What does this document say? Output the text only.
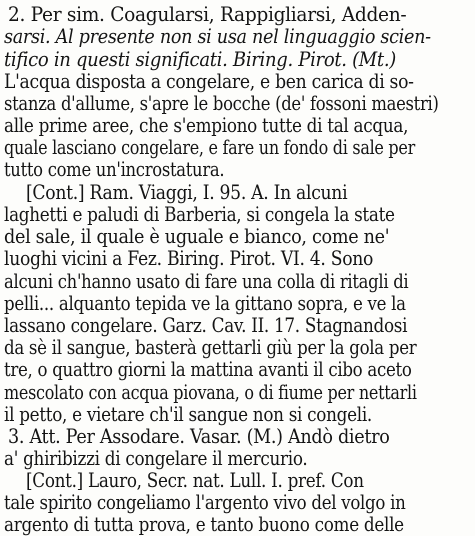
2. Per sim. Coagularsi, Rappigliarsi, Adden-
sarsi. Al presente non si usa nel linguaggio scien-
tifico in questi significati. Biring. Pirot. (Mt.)
L'acqua disposta a congelare, e ben carica di so-
stanza d'allume, s'apre le bocche (de' fossoni maestri)
alle prime aree, che s'empiono tutte di tal acqua,
quale lasciano congelare, e fare un fondo di sale per
tutto come un'incrostatura.
[Cont.] Ram. Viaggi, I. 95. A. In alcuni
laghetti e paludi di Barberia, si congela la state
del sale, il quale è uguale e bianco, come ne'
luoghi vicini a Fez. Biring. Pirot. VI. 4. Sono
alcuni ch'hanno usato di fare una colla di ritagli di
pelli... alquanto tepida ve la gittano sopra, e ve la
lassano congelare. Garz. Cav. II. 17. Stagnandosi
da sè il sangue, basterà gettarli giù per la gola per
tre, o quattro giorni la mattina avanti il cibo aceto
mescolato con acqua piovana, o di fiume per nettarli
il petto, e vietare ch'il sangue non si congeli.
3. Att. Per Assodare. Vasar. (M.) Andò dietro
a' ghiribizzi di congelare il mercurio.
[Cont.] Lauro, Secr. nat. Lull. I. pref. Con
tale spirito congeliamo l'argento vivo del volgo in
argento di tutta prova, e tanto buono come delle
